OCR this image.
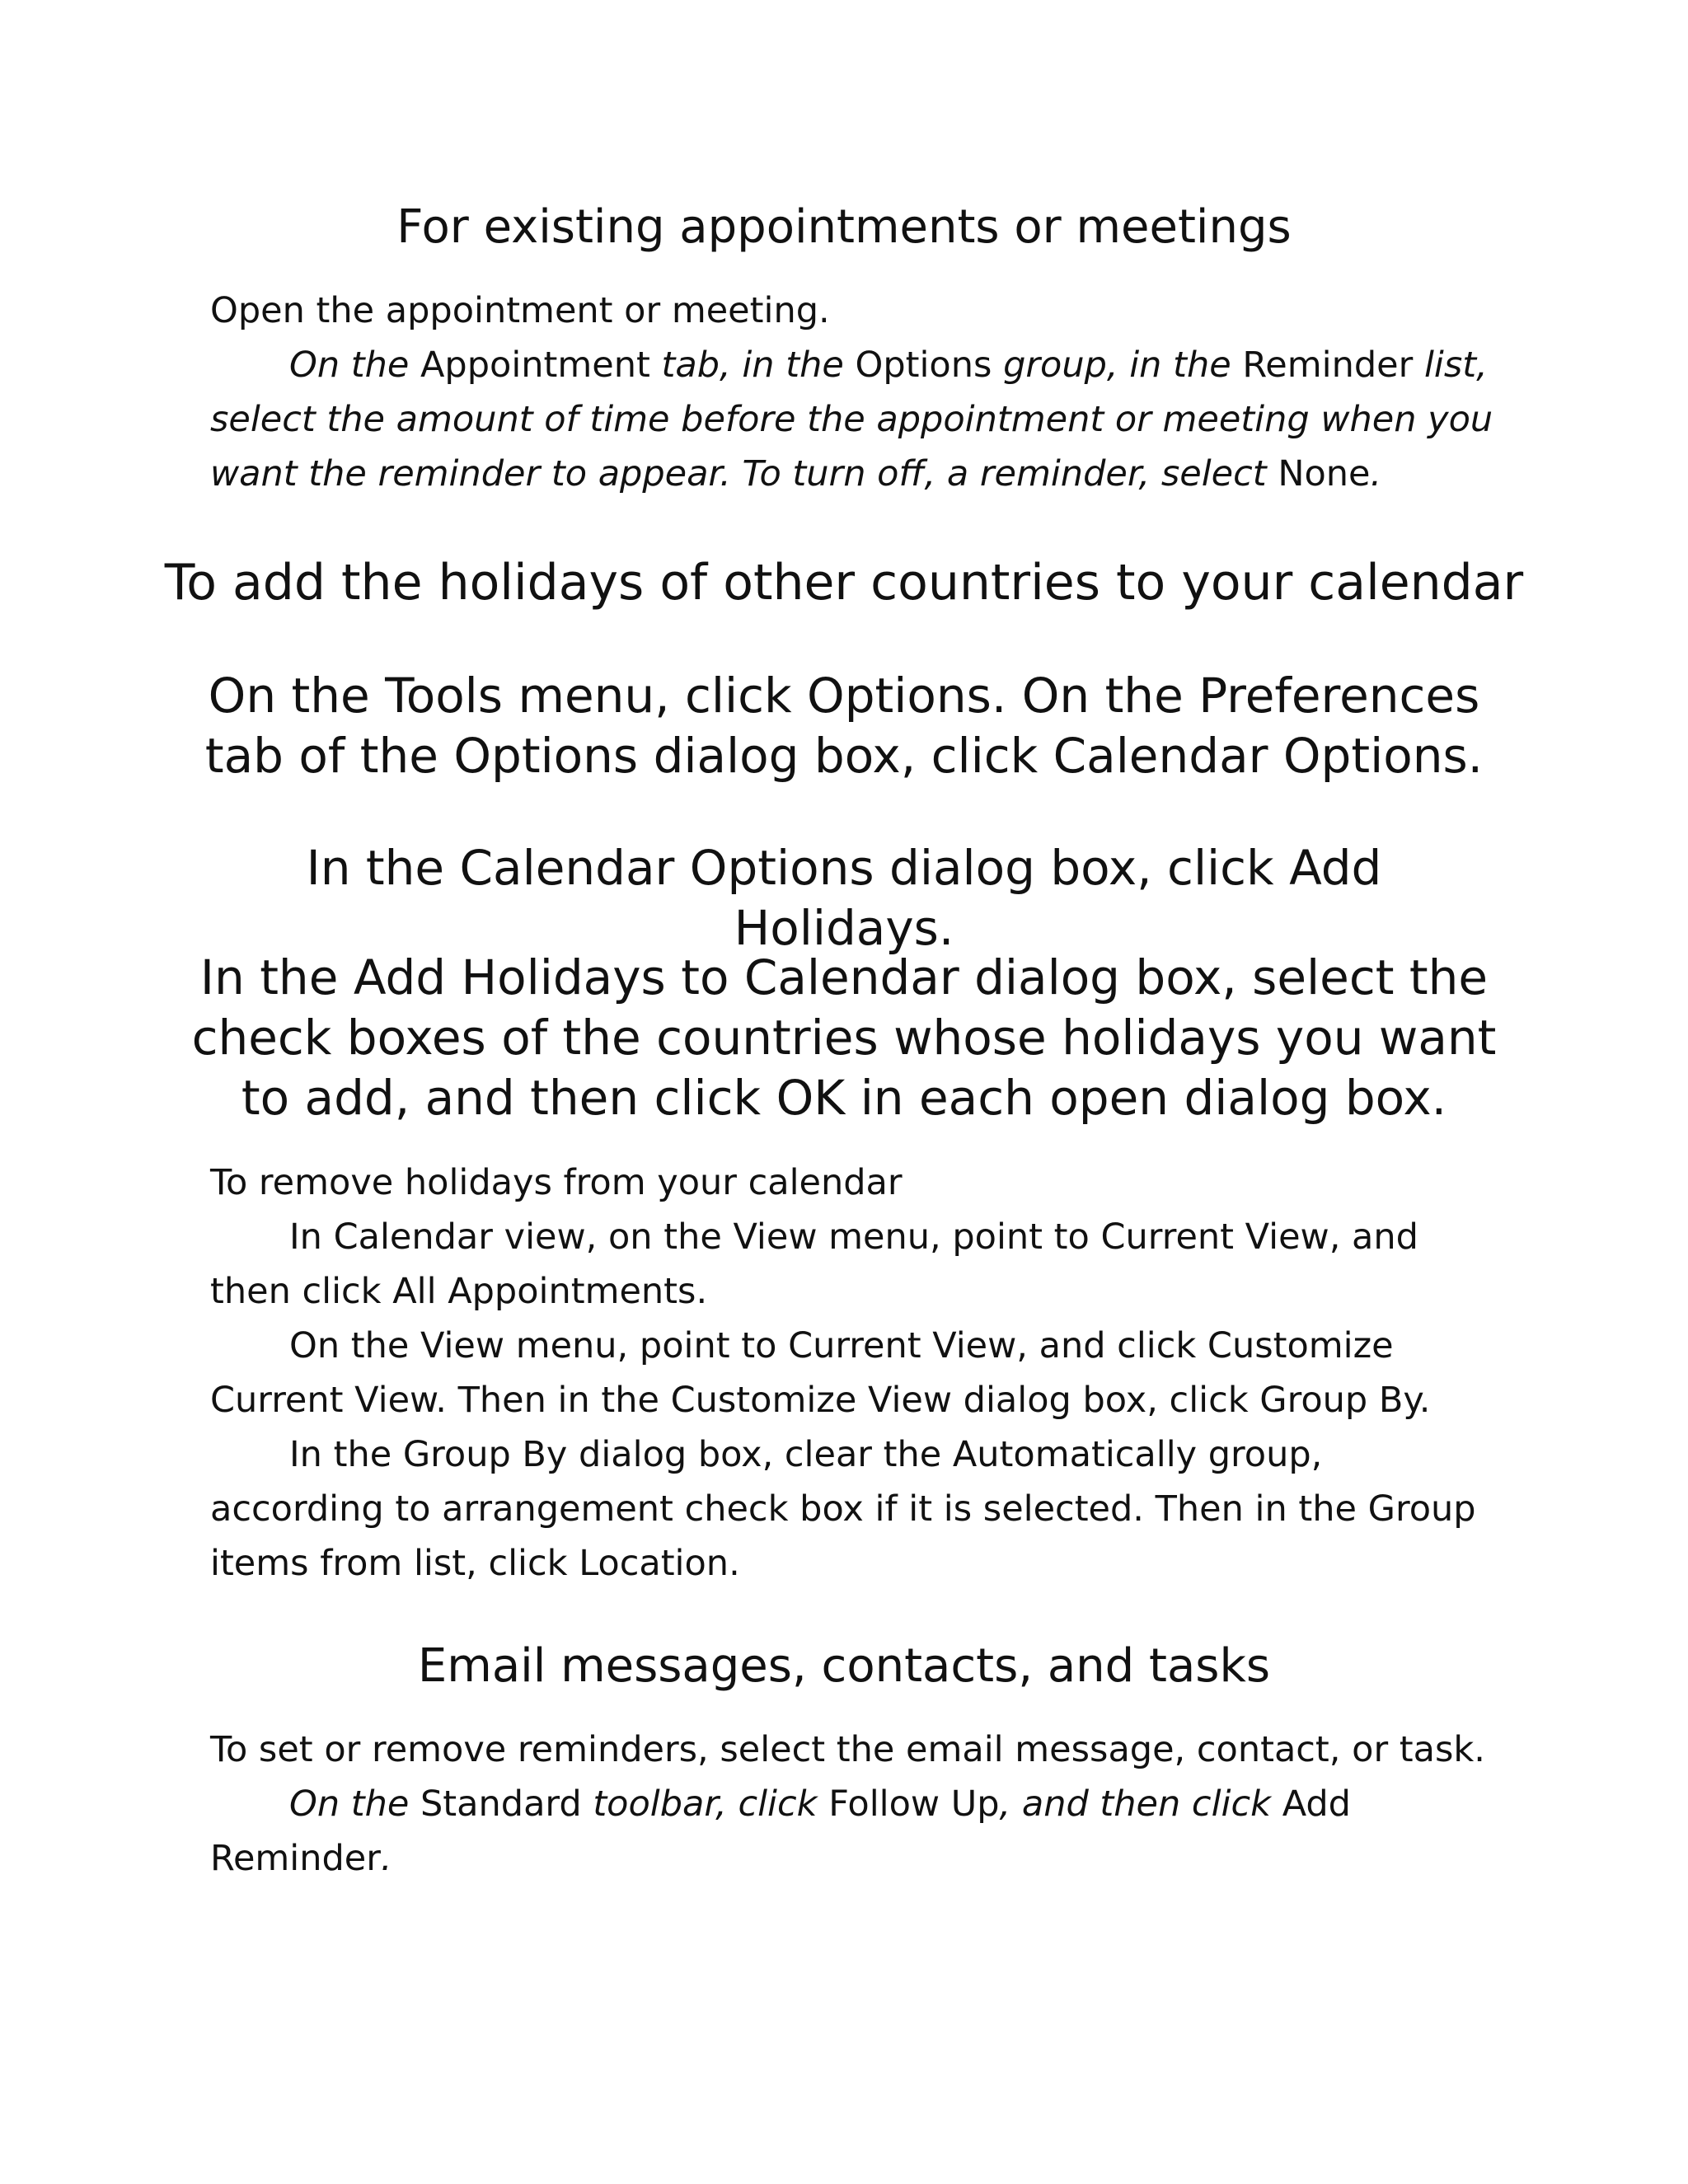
For existing appointments or meetings

Open the appointment or meeting.

On the Appointment tab, in the Options group, in the Reminder list, select the amount of time before the appointment or meeting when you want the reminder to appear. To turn off, a reminder, select None.

To add the holidays of other countries to your calendar

On the Tools menu, click Options. On the Preferences tab of the Options dialog box, click Calendar Options.

In the Calendar Options dialog box, click Add Holidays.

In the Add Holidays to Calendar dialog box, select the check boxes of the countries whose holidays you want to add, and then click OK in each open dialog box.

To remove holidays from your calendar

In Calendar view, on the View menu, point to Current View, and then click All Appointments.

On the View menu, point to Current View, and click Customize Current View. Then in the Customize View dialog box, click Group By.

In the Group By dialog box, clear the Automatically group, according to arrangement check box if it is selected. Then in the Group items from list, click Location.

Email messages, contacts, and tasks

To set or remove reminders, select the email message, contact, or task.

On the Standard toolbar, click Follow Up, and then click Add Reminder.
